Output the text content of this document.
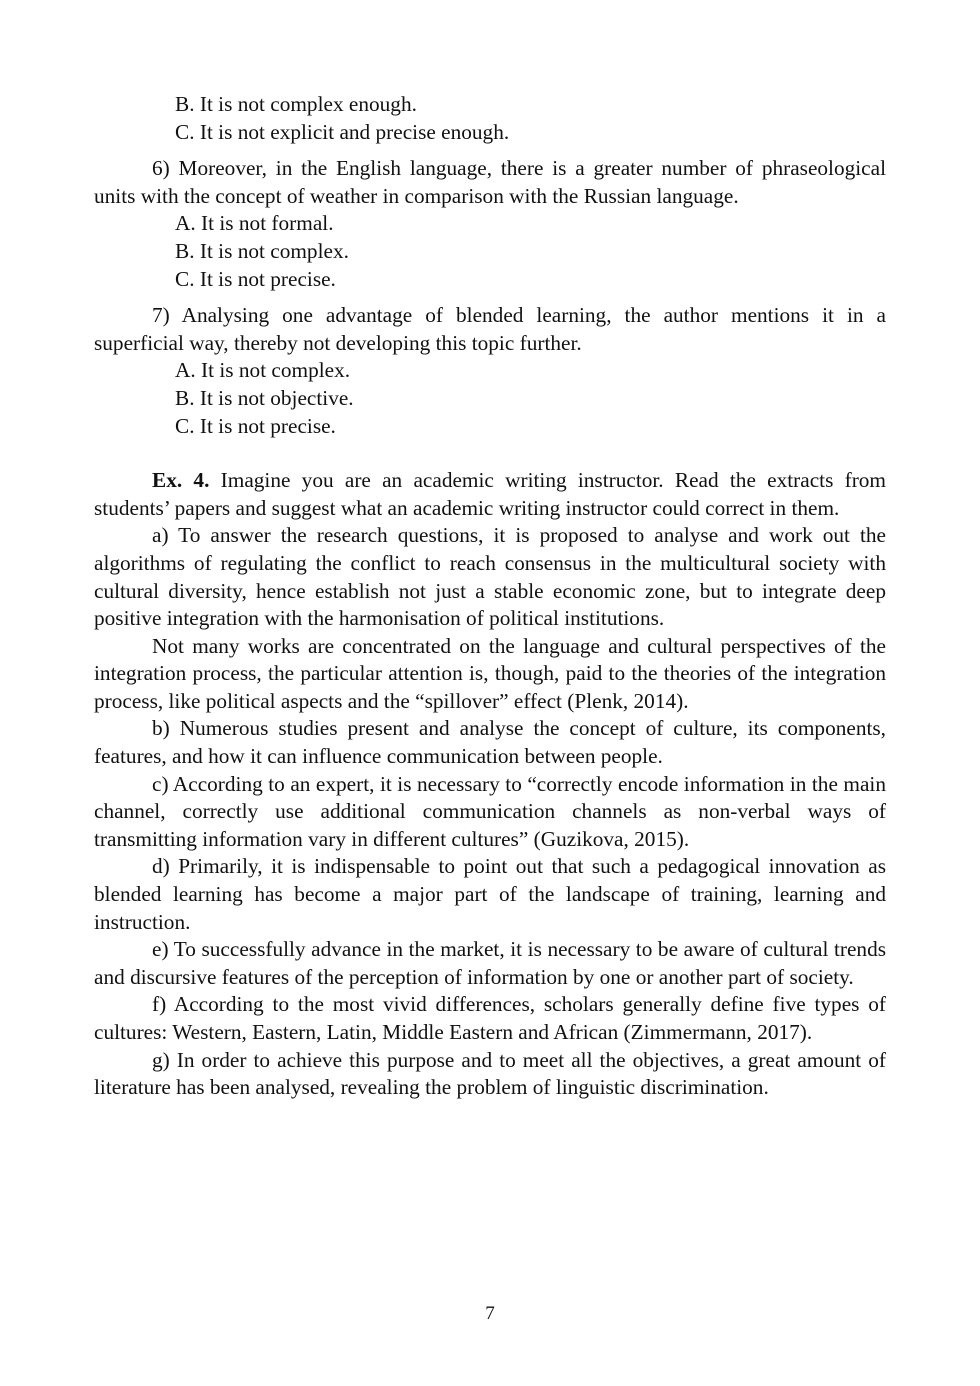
B. It is not complex enough.
C. It is not explicit and precise enough.
6) Moreover, in the English language, there is a greater number of phraseological units with the concept of weather in comparison with the Russian language.
A. It is not formal.
B. It is not complex.
C. It is not precise.
7) Analysing one advantage of blended learning, the author mentions it in a superficial way, thereby not developing this topic further.
A. It is not complex.
B. It is not objective.
C. It is not precise.
Ex. 4. Imagine you are an academic writing instructor. Read the extracts from students’ papers and suggest what an academic writing instructor could correct in them.
a) To answer the research questions, it is proposed to analyse and work out the algorithms of regulating the conflict to reach consensus in the multicultural society with cultural diversity, hence establish not just a stable economic zone, but to integrate deep positive integration with the harmonisation of political institutions.
Not many works are concentrated on the language and cultural perspectives of the integration process, the particular attention is, though, paid to the theories of the integration process, like political aspects and the “spillover” effect (Plenk, 2014).
b) Numerous studies present and analyse the concept of culture, its components, features, and how it can influence communication between people.
c) According to an expert, it is necessary to “correctly encode information in the main channel, correctly use additional communication channels as non-verbal ways of transmitting information vary in different cultures” (Guzikova, 2015).
d) Primarily, it is indispensable to point out that such a pedagogical innovation as blended learning has become a major part of the landscape of training, learning and instruction.
e) To successfully advance in the market, it is necessary to be aware of cultural trends and discursive features of the perception of information by one or another part of society.
f) According to the most vivid differences, scholars generally define five types of cultures: Western, Eastern, Latin, Middle Eastern and African (Zimmermann, 2017).
g) In order to achieve this purpose and to meet all the objectives, a great amount of literature has been analysed, revealing the problem of linguistic discrimination.
7
